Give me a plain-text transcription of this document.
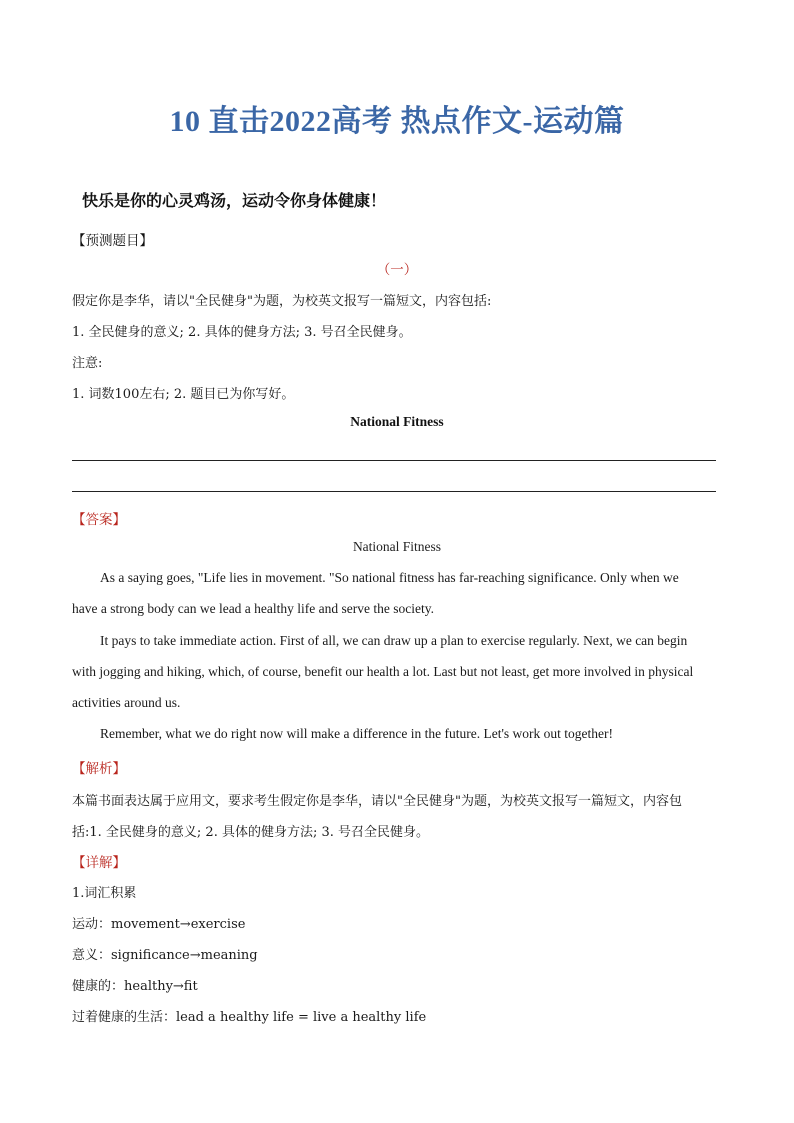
10 直击2022高考 热点作文-运动篇
快乐是你的心灵鸡汤，运动令你身体健康！
【预测题目】
（一）
假定你是李华，请以"全民健身"为题，为校英文报写一篇短文，内容包括:
1. 全民健身的意义; 2. 具体的健身方法; 3. 号召全民健身。
注意:
1. 词数100左右; 2. 题目已为你写好。
National Fitness
【答案】
National Fitness
As a saying goes, "Life lies in movement. "So national fitness has far-reaching significance. Only when we
have a strong body can we lead a healthy life and serve the society.
It pays to take immediate action. First of all, we can draw up a plan to exercise regularly. Next, we can begin
with jogging and hiking, which, of course, benefit our health a lot. Last but not least, get more involved in physical
activities around us.
Remember, what we do right now will make a difference in the future. Let's work out together!
【解析】
本篇书面表达属于应用文，要求考生假定你是李华，请以"全民健身"为题，为校英文报写一篇短文，内容包
括:1. 全民健身的意义; 2. 具体的健身方法; 3. 号召全民健身。
【详解】
1.词汇积累
运动：movement→exercise
意义：significance→meaning
健康的：healthy→fit
过着健康的生活：lead a healthy life = live a healthy life
